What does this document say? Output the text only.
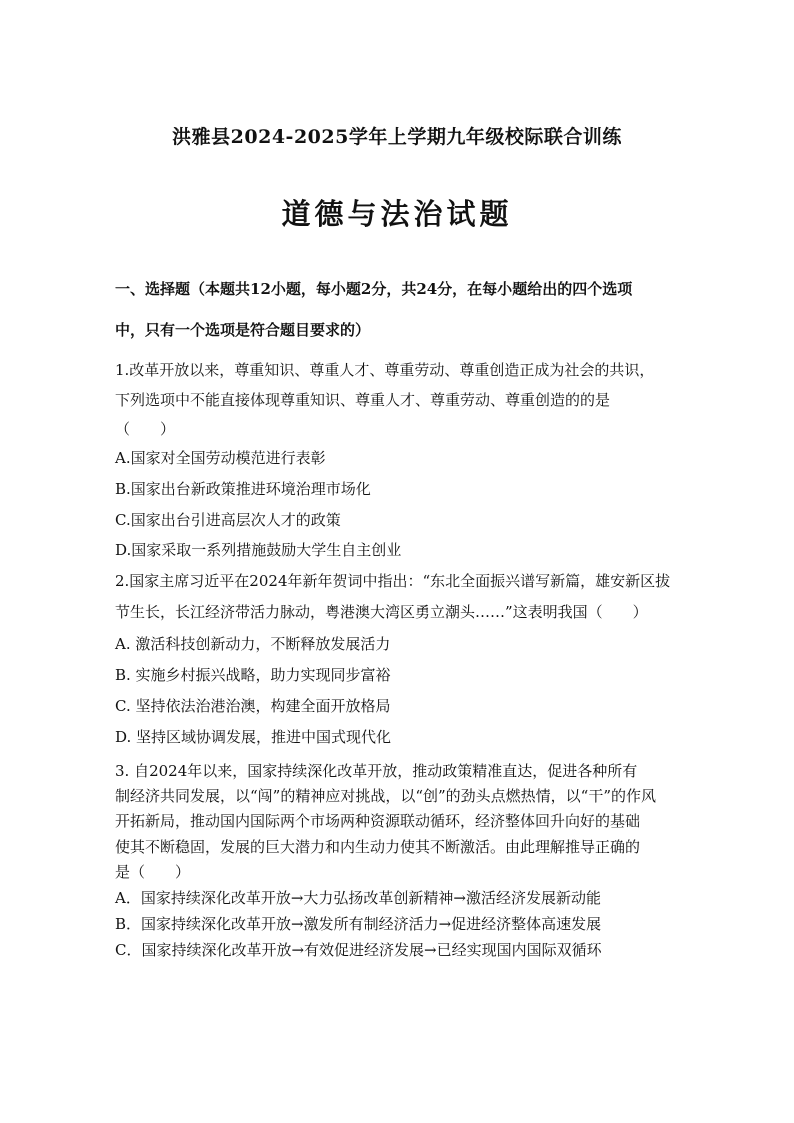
洪雅县2024-2025学年上学期九年级校际联合训练
道德与法治试题
一、选择题（本题共12小题，每小题2分，共24分，在每小题给出的四个选项
中，只有一个选项是符合题目要求的）
1.改革开放以来，尊重知识、尊重人才、尊重劳动、尊重创造正成为社会的共识，
下列选项中不能直接体现尊重知识、尊重人才、尊重劳动、尊重创造的的是
（　　）
A.国家对全国劳动模范进行表彰
B.国家出台新政策推进环境治理市场化
C.国家出台引进高层次人才的政策
D.国家采取一系列措施鼓励大学生自主创业
2.国家主席习近平在2024年新年贺词中指出：“东北全面振兴谱写新篇，雄安新区拔
节生长，长江经济带活力脉动，粤港澳大湾区勇立潮头……”这表明我国（　　）
A. 激活科技创新动力，不断释放发展活力
B. 实施乡村振兴战略，助力实现同步富裕
C. 坚持依法治港治澳，构建全面开放格局
D. 坚持区域协调发展，推进中国式现代化
3. 自2024年以来，国家持续深化改革开放，推动政策精准直达，促进各种所有
制经济共同发展，以“闯”的精神应对挑战，以“创”的劲头点燃热情，以“干”的作风
开拓新局，推动国内国际两个市场两种资源联动循环，经济整体回升向好的基础
使其不断稳固，发展的巨大潜力和内生动力使其不断激活。由此理解推导正确的
是（　　）
A．国家持续深化改革开放→大力弘扬改革创新精神→激活经济发展新动能
B．国家持续深化改革开放→激发所有制经济活力→促进经济整体高速发展
C．国家持续深化改革开放→有效促进经济发展→已经实现国内国际双循环
